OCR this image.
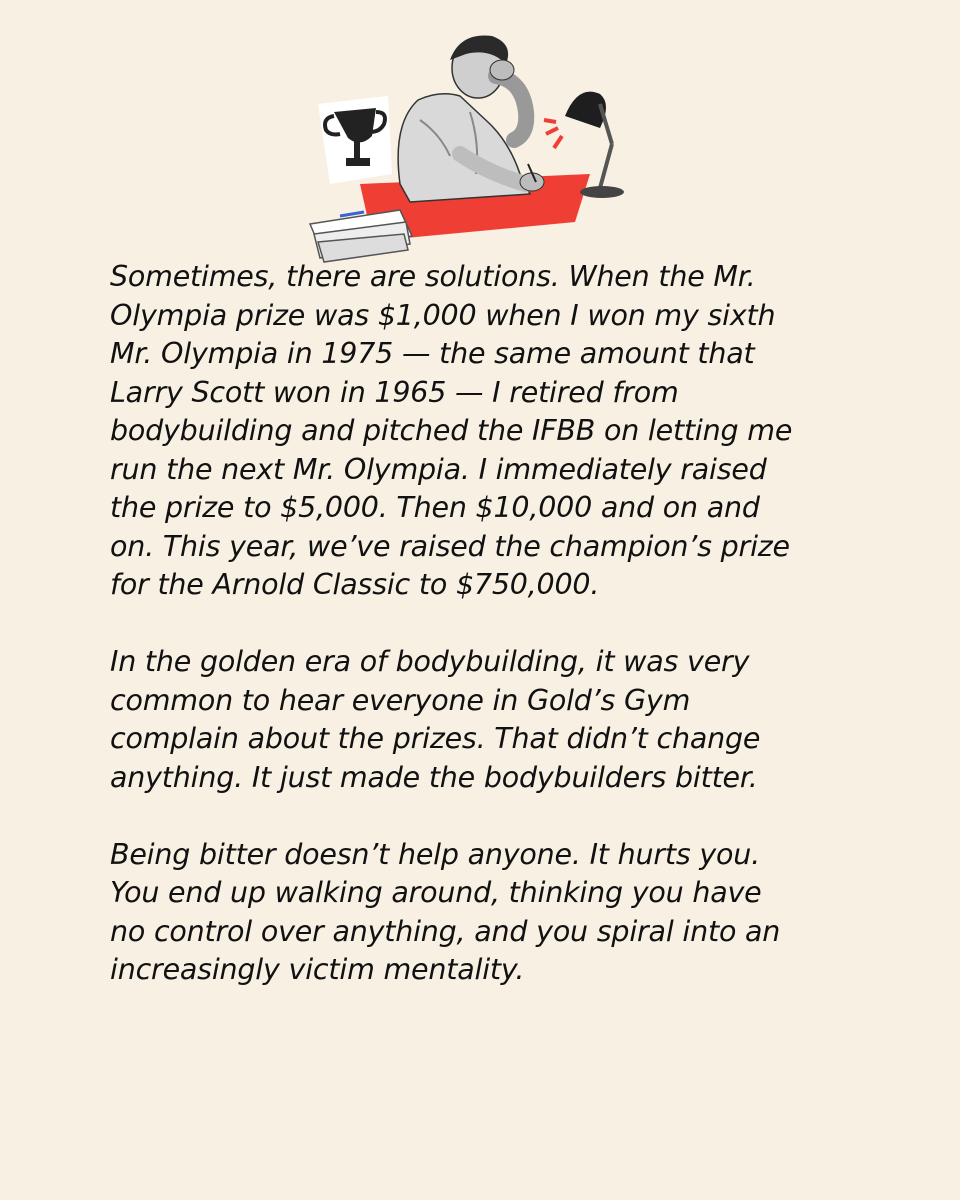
Sometimes, there are solutions. When the Mr.
Olympia prize was $1,000 when I won my sixth
Mr. Olympia in 1975 — the same amount that
Larry Scott won in 1965 — I retired from
bodybuilding and pitched the IFBB on letting me
run the next Mr. Olympia. I immediately raised
the prize to $5,000. Then $10,000 and on and
on. This year, we’ve raised the champion’s prize
for the Arnold Classic to $750,000.

In the golden era of bodybuilding, it was very
common to hear everyone in Gold’s Gym
complain about the prizes. That didn’t change
anything. It just made the bodybuilders bitter.

Being bitter doesn’t help anyone. It hurts you.
You end up walking around, thinking you have
no control over anything, and you spiral into an
increasingly victim mentality.
